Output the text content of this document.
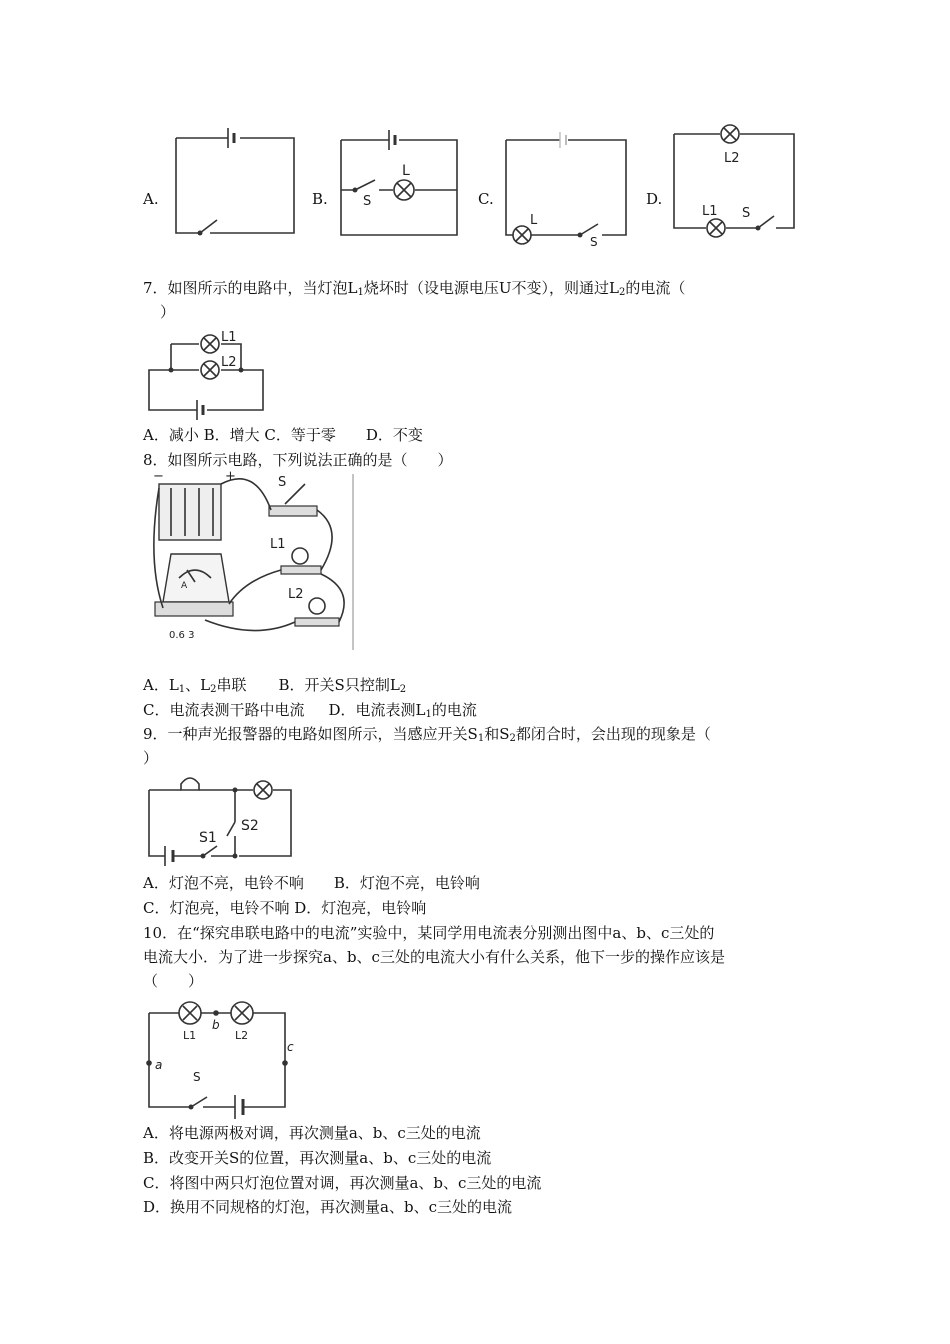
A.	B.	C.	D.
L
S
L
S
L2
L1 S
7．如图所示的电路中，当灯泡$L_1$烧坏时（设电源电压U不变），则通过$L_2$的电流（
）
L1
L2
A．减小 B．增大 C．等于零　　D．不变
8．如图所示电路，下列说法正确的是（　　）
−	+	S
L1
L2
A
0.6 3
A．$L_1$、$L_2$串联 B．开关S只控制$L_2$
C．电流表测干路中电流 D．电流表测$L_1$的电流
9．一种声光报警器的电路如图所示，当感应开关$S_1$和$S_2$都闭合时，会出现的现象是（
）
S1
S2
A．灯泡不亮，电铃不响　　B．灯泡不亮，电铃响
C．灯泡亮，电铃不响 D．灯泡亮，电铃响
10．在“探究串联电路中的电流”实验中，某同学用电流表分别测出图中a、b、c三处的
电流大小．为了进一步探究a、b、c三处的电流大小有什么关系，他下一步的操作应该是
（　　）
b
a
c
L1	L2
S
A．将电源两极对调，再次测量a、b、c三处的电流
B．改变开关S的位置，再次测量a、b、c三处的电流
C．将图中两只灯泡位置对调，再次测量a、b、c三处的电流
D．换用不同规格的灯泡，再次测量a、b、c三处的电流
